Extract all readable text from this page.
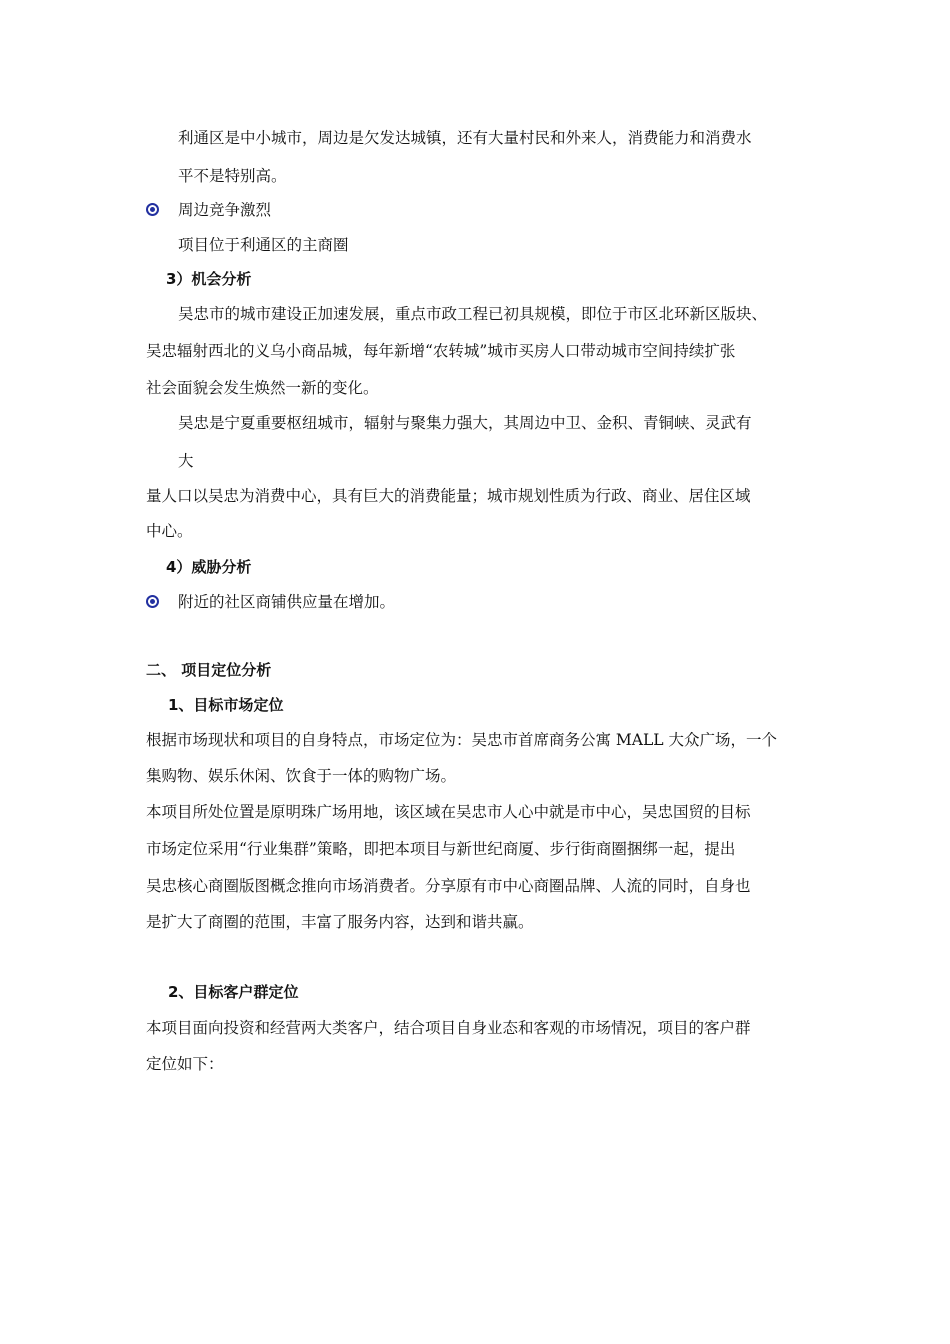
利通区是中小城市，周边是欠发达城镇，还有大量村民和外来人，消费能力和消费水
平不是特别高。
周边竞争激烈
项目位于利通区的主商圈
3）机会分析
吴忠市的城市建设正加速发展，重点市政工程已初具规模，即位于市区北环新区版块、
吴忠辐射西北的义乌小商品城，每年新增“农转城”城市买房人口带动城市空间持续扩张
社会面貌会发生焕然一新的变化。
吴忠是宁夏重要枢纽城市，辐射与聚集力强大，其周边中卫、金积、青铜峡、灵武有
大
量人口以吴忠为消费中心，具有巨大的消费能量；城市规划性质为行政、商业、居住区域
中心。
4）威胁分析
附近的社区商铺供应量在增加。
二、 项目定位分析
1、目标市场定位
根据市场现状和项目的自身特点，市场定位为：吴忠市首席商务公寓 MALL 大众广场，一个
集购物、娱乐休闲、饮食于一体的购物广场。
本项目所处位置是原明珠广场用地，该区域在吴忠市人心中就是市中心，吴忠国贸的目标
市场定位采用“行业集群”策略，即把本项目与新世纪商厦、步行街商圈捆绑一起，提出
吴忠核心商圈版图概念推向市场消费者。分享原有市中心商圈品牌、人流的同时，自身也
是扩大了商圈的范围，丰富了服务内容，达到和谐共赢。
2、目标客户群定位
本项目面向投资和经营两大类客户，结合项目自身业态和客观的市场情况，项目的客户群
定位如下：
